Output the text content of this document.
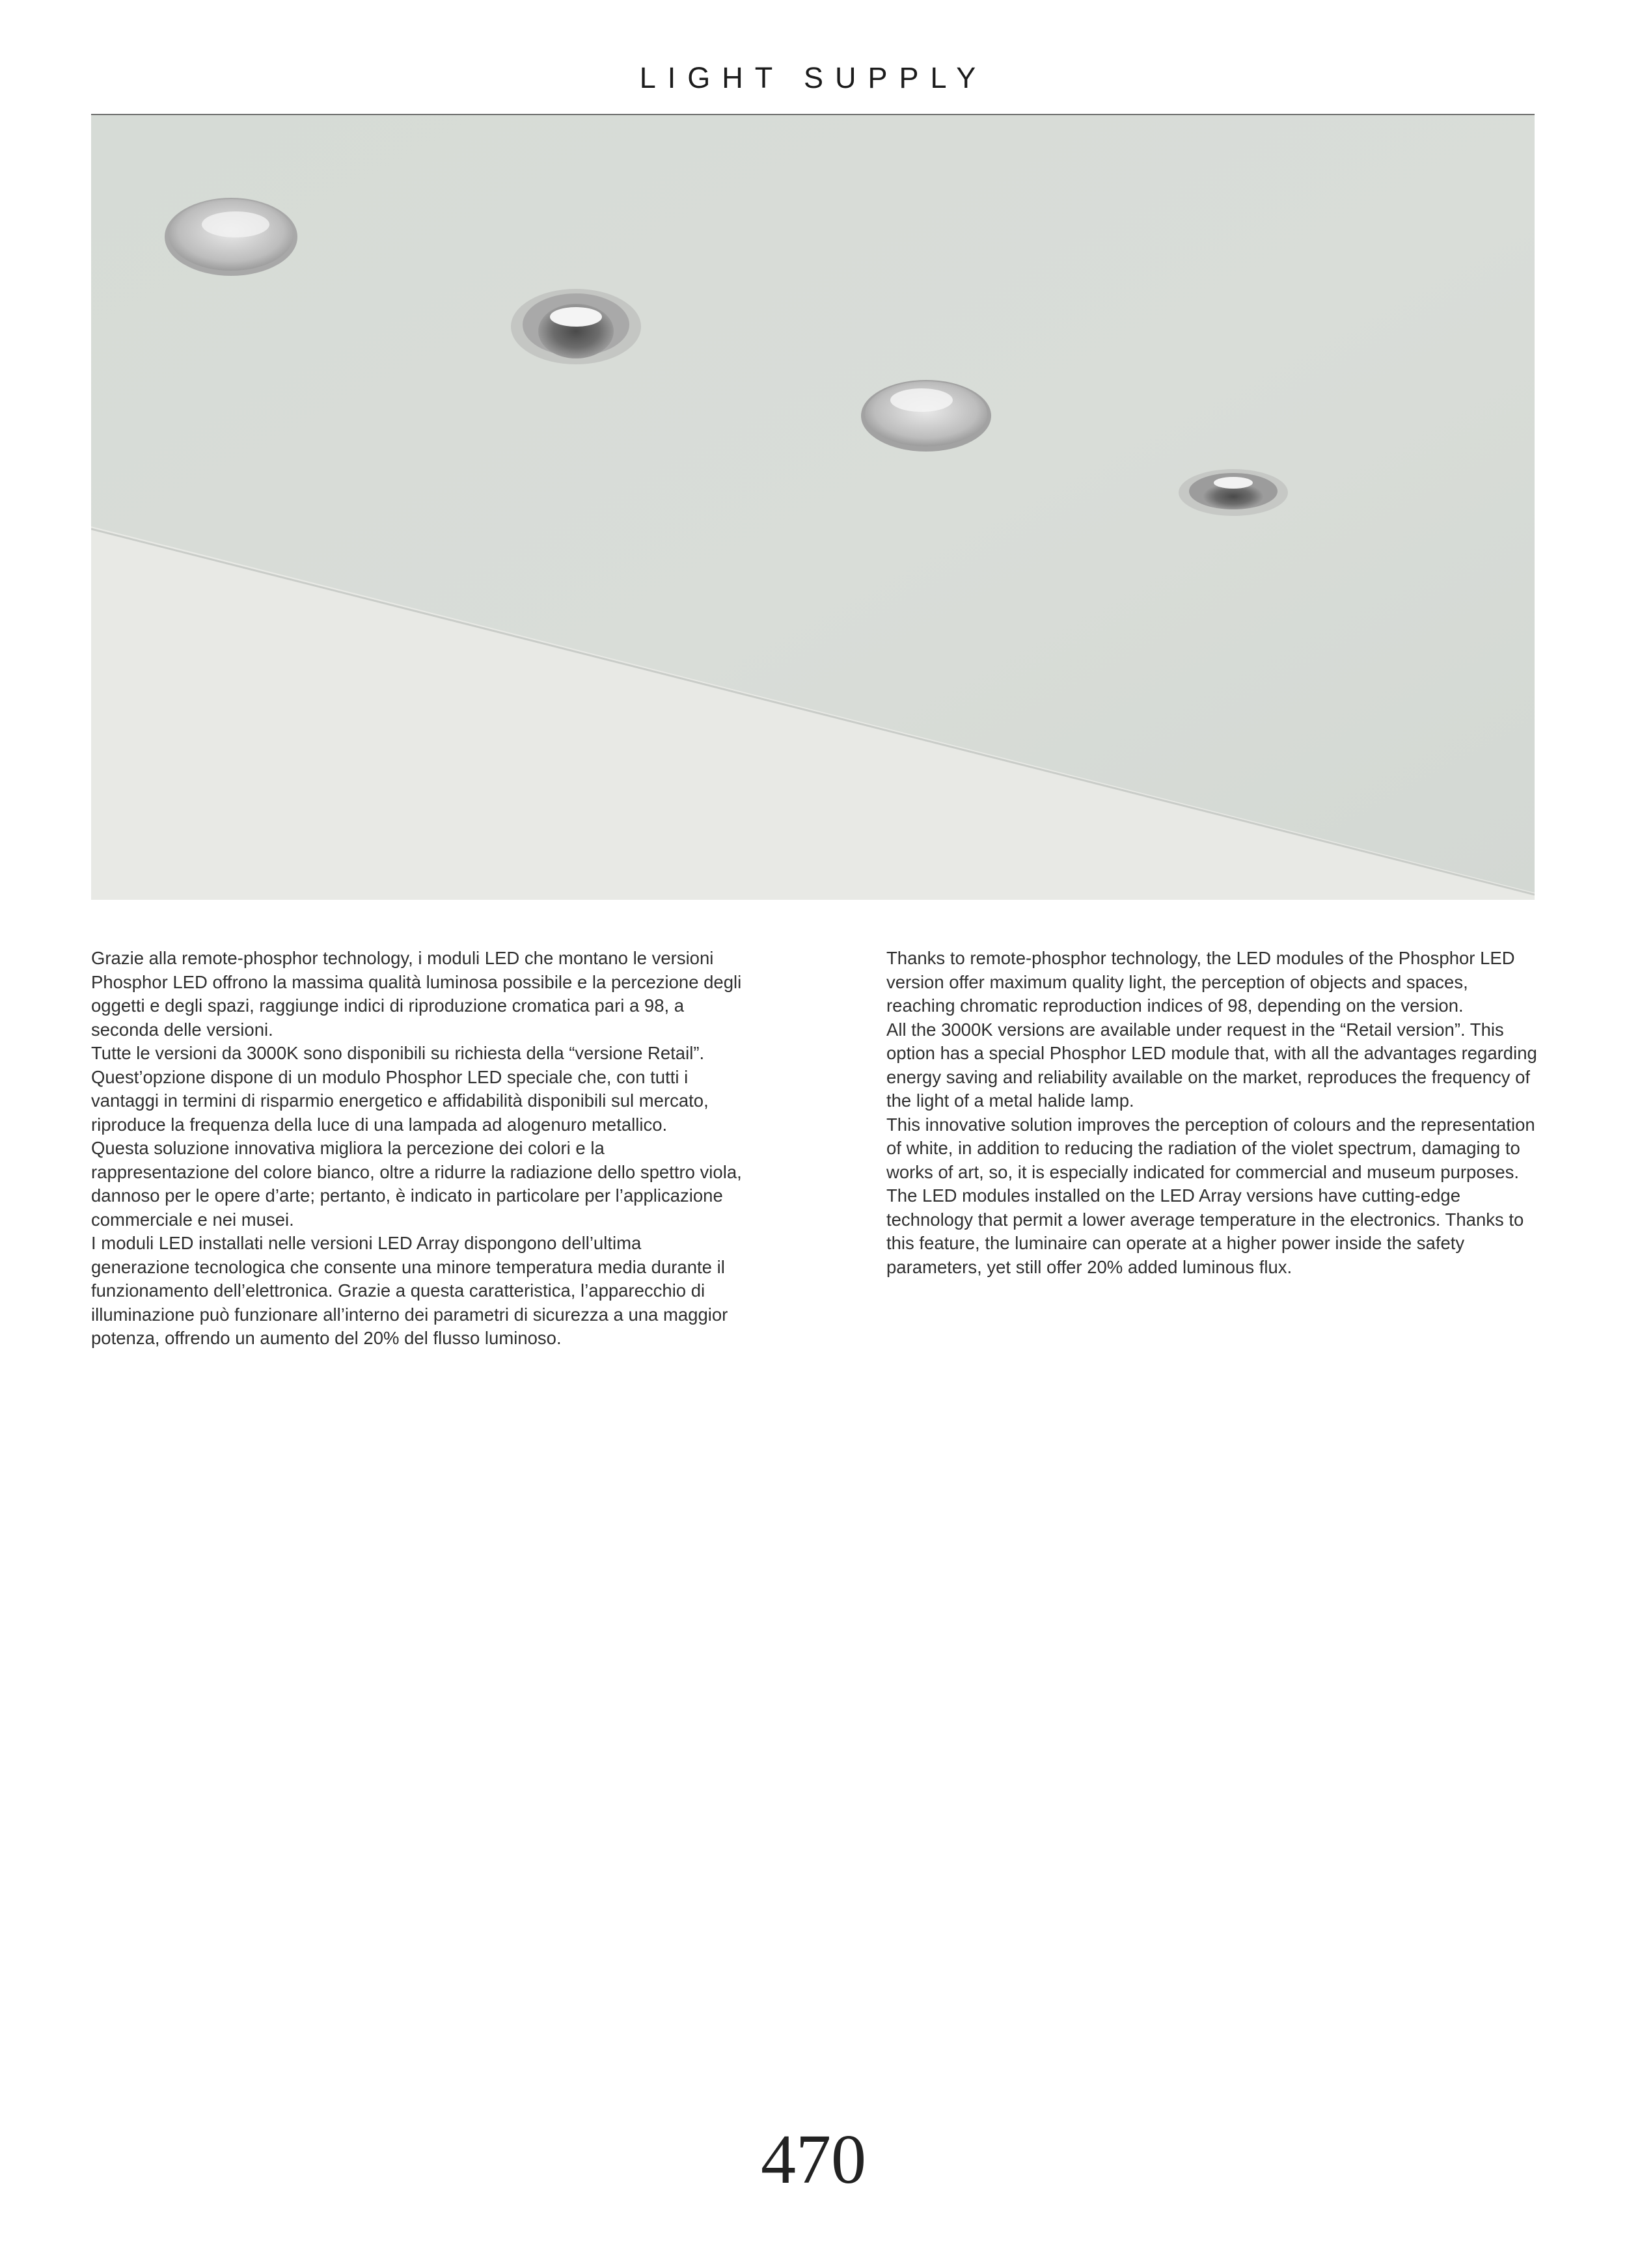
LIGHT SUPPLY

Grazie alla remote-phosphor technology, i moduli LED che montano le versioni Phosphor LED offrono la massima qualità luminosa possibile e la percezione degli oggetti e degli spazi, raggiunge indici di riproduzione cromatica pari a 98, a seconda delle versioni.

Tutte le versioni da 3000K sono disponibili su richiesta della “versione Retail”. Quest’opzione dispone di un modulo Phosphor LED speciale che, con tutti i vantaggi in termini di risparmio energetico e affidabilità disponibili sul mercato, riproduce la frequenza della luce di una lampada ad alogenuro metallico.

Questa soluzione innovativa migliora la percezione dei colori e la rappresentazione del colore bianco, oltre a ridurre la radiazione dello spettro viola, dannoso per le opere d’arte; pertanto, è indicato in particolare per l’applicazione commerciale e nei musei.

I moduli LED installati nelle versioni LED Array dispongono dell’ultima generazione tecnologica che consente una minore temperatura media durante il funzionamento dell’elettronica. Grazie a questa caratteristica, l’apparecchio di illuminazione può funzionare all’interno dei parametri di sicurezza a una maggior potenza, offrendo un aumento del 20% del flusso luminoso.

Thanks to remote-phosphor technology, the LED modules of the Phosphor LED version offer maximum quality light, the perception of objects and spaces, reaching chromatic reproduction indices of 98, depending on the version.

All the 3000K versions are available under request in the “Retail version”. This option has a special Phosphor LED module that, with all the advantages regarding energy saving and reliability available on the market, reproduces the frequency of the light of a metal halide lamp.

This innovative solution improves the perception of colours and the representation of white, in addition to reducing the radiation of the violet spectrum, damaging to works of art, so, it is especially indicated for commercial and museum purposes.

The LED modules installed on the LED Array versions have cutting-edge technology that permit a lower average temperature in the electronics. Thanks to this feature, the luminaire can operate at a higher power inside the safety parameters, yet still offer 20% added luminous flux.

470
